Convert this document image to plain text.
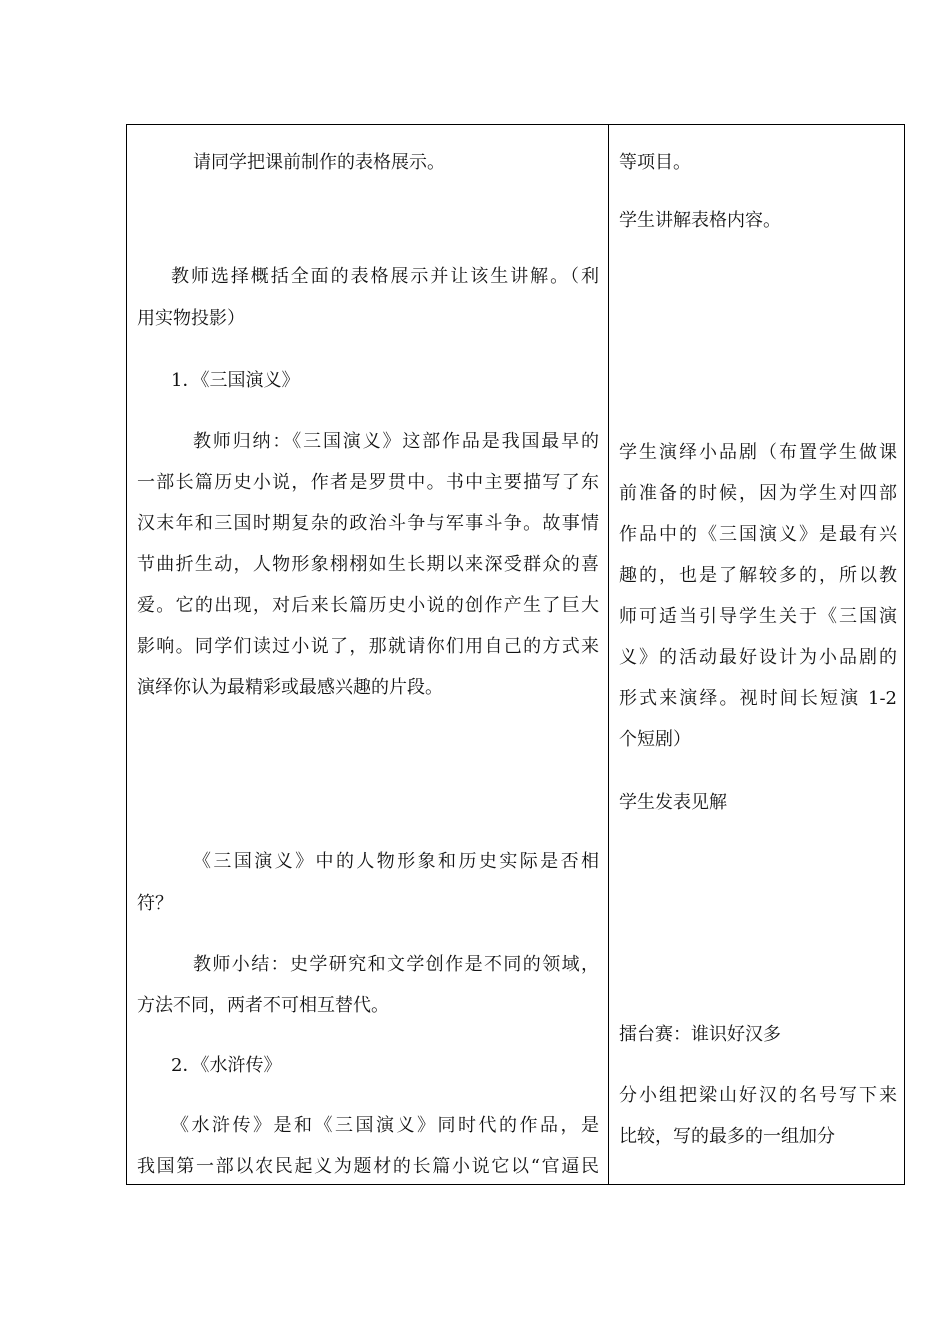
请同学把课前制作的表格展示。
教师选择概括全面的表格展示并让该生讲解。（利
用实物投影）
1．《三国演义》
教师归纳：《三国演义》这部作品是我国最早的
一部长篇历史小说，作者是罗贯中。书中主要描写了东
汉末年和三国时期复杂的政治斗争与军事斗争。故事情
节曲折生动，人物形象栩栩如生长期以来深受群众的喜
爱。它的出现，对后来长篇历史小说的创作产生了巨大
影响。同学们读过小说了，那就请你们用自己的方式来
演绎你认为最精彩或最感兴趣的片段。
《三国演义》中的人物形象和历史实际是否相
符？
教师小结：史学研究和文学创作是不同的领域，
方法不同，两者不可相互替代。
2．《水浒传》
《水浒传》是和《三国演义》同时代的作品，是
我国第一部以农民起义为题材的长篇小说它以“官逼民
等项目。
学生讲解表格内容。
学生演绎小品剧（布置学生做课
前准备的时候，因为学生对四部
作品中的《三国演义》是最有兴
趣的，也是了解较多的，所以教
师可适当引导学生关于《三国演
义》的活动最好设计为小品剧的
形式来演绎。视时间长短演 1-2
个短剧）
学生发表见解
擂台赛：谁识好汉多
分小组把梁山好汉的名号写下来
比较，写的最多的一组加分
